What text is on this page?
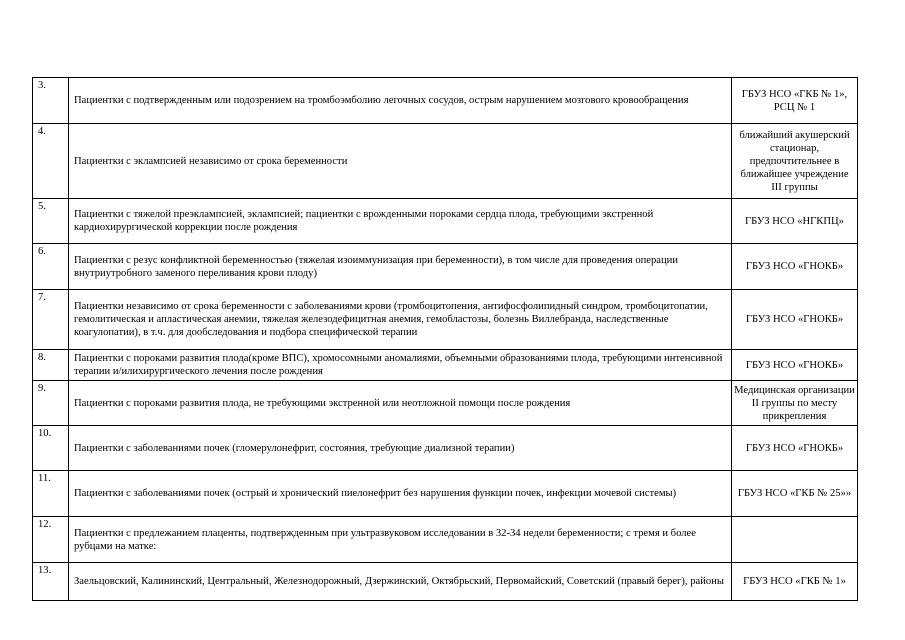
3.	Пациентки с подтвержденным или подозрением на тромбоэмболию легочных сосудов, острым нарушением мозгового кровообращения	ГБУЗ НСО «ГКБ № 1», РСЦ № 1
4.	Пациентки с эклампсией независимо от срока беременности	ближайший акушерский стационар, предпочтительнее в ближайшее учреждение III группы
5.	Пациентки с тяжелой преэклампсией, эклампсией; пациентки с врожденными пороками сердца плода, требующими экстренной кардиохирургической коррекции после рождения	ГБУЗ НСО «НГКПЦ»
6.	Пациентки с резус конфликтной беременностью (тяжелая изоиммунизация при беременности), в том числе для проведения операции внутриутробного заменого переливания крови плоду)	ГБУЗ НСО «ГНОКБ»
7.	Пациентки независимо от срока беременности с заболеваниями крови (тромбоцитопения, антифосфолипидный синдром, тромбоцитопатии, гемолитическая и апластическая анемии, тяжелая железодефицитная анемия, гемобластозы, болезнь Виллебранда, наследственные коагулопатии), в т.ч. для дообследования и подбора специфической терапии	ГБУЗ НСО «ГНОКБ»
8.	Пациентки с пороками развития плода(кроме ВПС), хромосомными аномалиями, объемными образованиями плода, требующими интенсивной терапии и/илихирургического лечения после рождения	ГБУЗ НСО «ГНОКБ»
9.	Пациентки с пороками развития плода, не требующими экстренной или неотложной помощи после рождения	Медицинская организации II группы по месту прикрепления
10.	Пациентки с заболеваниями почек (гломерулонефрит, состояния, требующие диализной терапии)	ГБУЗ НСО «ГНОКБ»
11.	Пациентки с заболеваниями почек (острый и хронический пиелонефрит без нарушения функции почек, инфекции мочевой системы)	ГБУЗ НСО «ГКБ № 25»»
12.	Пациентки с предлежанием плаценты, подтвержденным при ультразвуковом исследовании в 32-34 недели беременности; с тремя и более рубцами на матке:	
13.	Заельцовский, Калининский, Центральный, Железнодорожный, Дзержинский, Октябрьский, Первомайский, Советский (правый берег), районы	ГБУЗ НСО «ГКБ № 1»
